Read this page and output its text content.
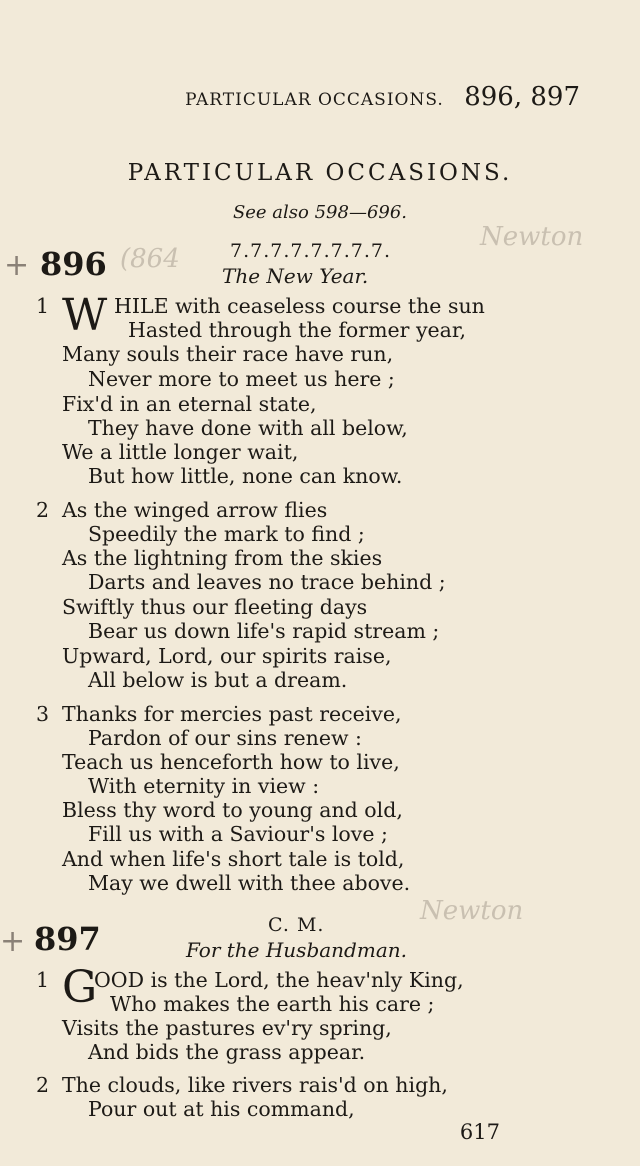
PARTICULAR OCCASIONS. 896, 897
PARTICULAR OCCASIONS.
See also 598—696.
+ 896 (864
Newton
7.7.7.7.7.7.7.7.
The New Year.
1 W HILE with ceaseless course the sun
Hasted through the former year,
Many souls their race have run,
Never more to meet us here ;
Fix'd in an eternal state,
They have done with all below,
We a little longer wait,
But how little, none can know.
2 As the winged arrow flies
Speedily the mark to find ;
As the lightning from the skies
Darts and leaves no trace behind ;
Swiftly thus our fleeting days
Bear us down life's rapid stream ;
Upward, Lord, our spirits raise,
All below is but a dream.
3 Thanks for mercies past receive,
Pardon of our sins renew :
Teach us henceforth how to live,
With eternity in view :
Bless thy word to young and old,
Fill us with a Saviour's love ;
And when life's short tale is told,
May we dwell with thee above.
+ 897
Newton
C. M.
For the Husbandman.
1 G
OOD is the Lord, the heav'nly King,
Who makes the earth his care ;
Visits the pastures ev'ry spring,
And bids the grass appear.
2 The clouds, like rivers rais'd on high,
Pour out at his command,
617
